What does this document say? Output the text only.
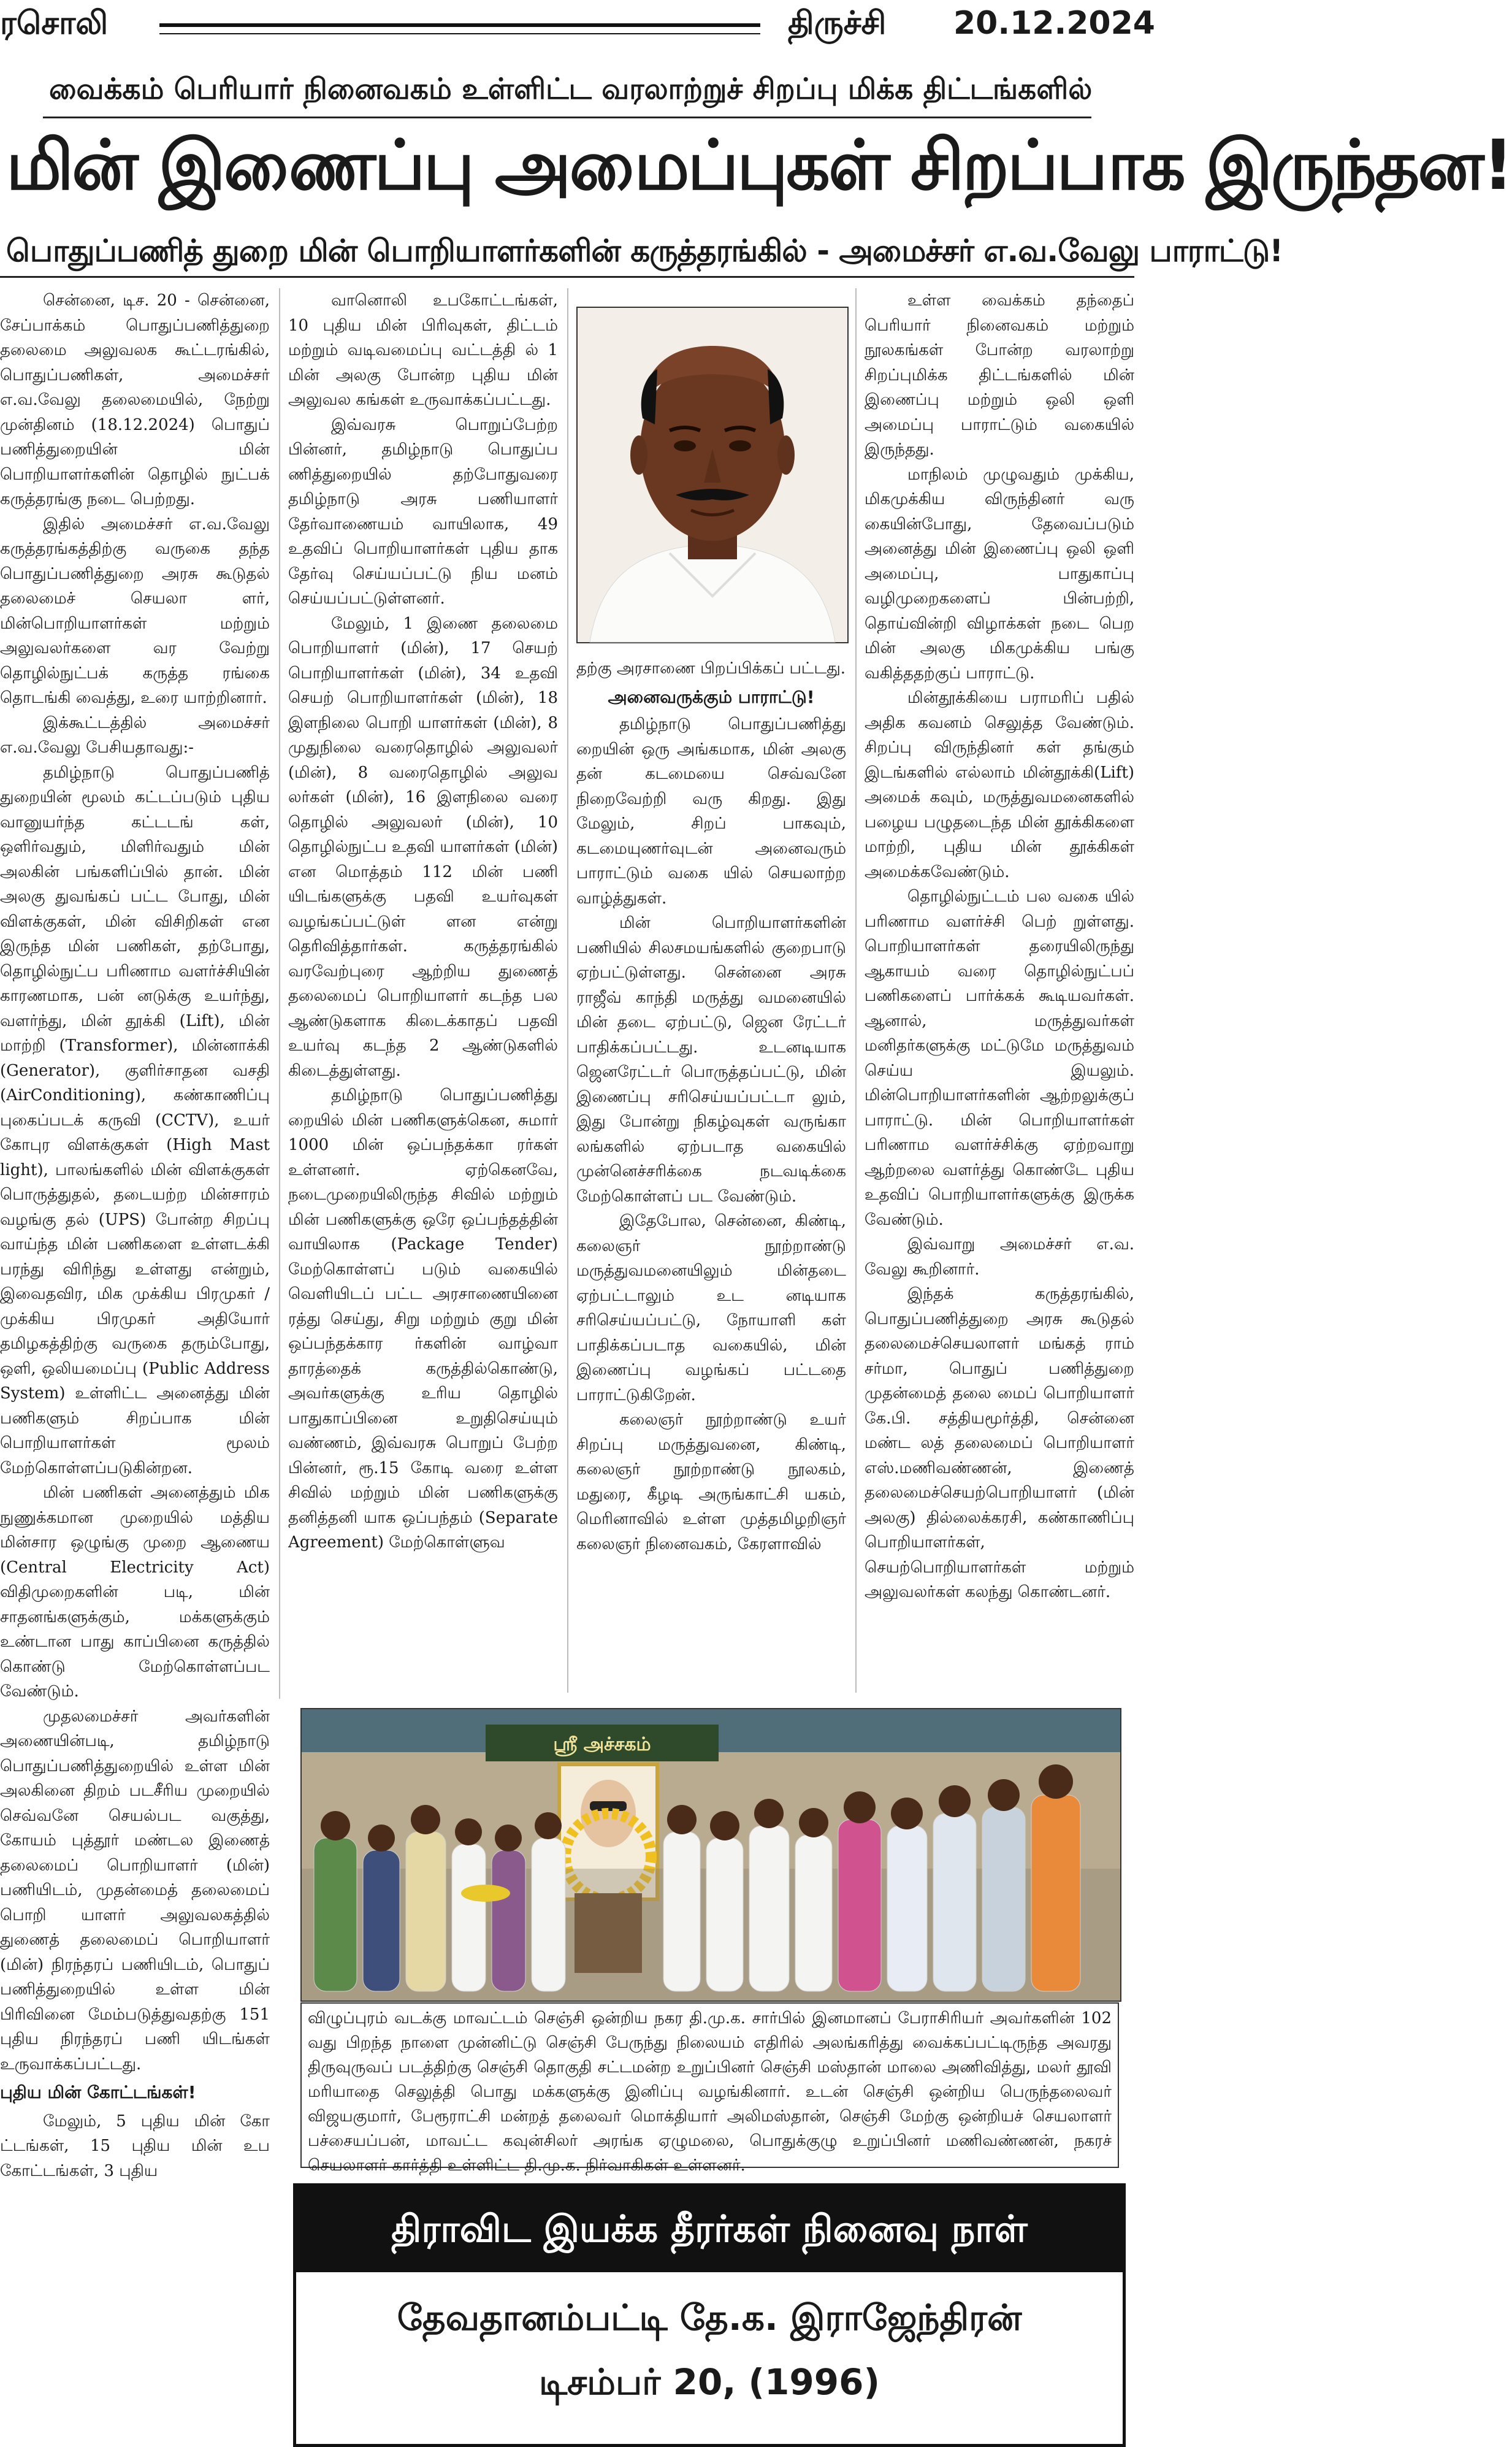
ரசொலி	திருச்சி 20.12.2024
வைக்கம் பெரியார் நினைவகம் உள்ளிட்ட வரலாற்றுச் சிறப்பு மிக்க திட்டங்களில்
மின் இணைப்பு அமைப்புகள் சிறப்பாக இருந்தன!
பொதுப்பணித் துறை மின் பொறியாளர்களின் கருத்தரங்கில் - அமைச்சர் எ.வ.வேலு பாராட்டு!

சென்னை, டிச. 20 - சென்னை, சேப்பாக்கம் பொதுப்பணித்துறை தலைமை அலுவலக கூட்டரங்கில், பொதுப்பணிகள், அமைச்சர் எ.வ.வேலு தலைமையில், நேற்று முன்தினம் (18.12.2024) பொதுப் பணித்துறையின் மின் பொறியாளர்களின் தொழில் நுட்பக் கருத்தரங்கு நடை பெற்றது.

இதில் அமைச்சர் எ.வ.வேலு கருத்தரங்கத்திற்கு வருகை தந்த பொதுப்பணித்துறை அரசு கூடுதல் தலைமைச் செயலா ளர், மின்பொறியாளர்கள் மற்றும் அலுவலர்களை வர வேற்று தொழில்நுட்பக் கருத்த ரங்கை தொடங்கி வைத்து, உரை யாற்றினார்.

இக்கூட்டத்தில் அமைச்சர் எ.வ.வேலு பேசியதாவது:-

தமிழ்நாடு பொதுப்பணித் துறையின் மூலம் கட்டப்படும் புதிய வானுயர்ந்த கட்டடங் கள், ஒளிர்வதும், மிளிர்வதும் மின் அலகின் பங்களிப்பில் தான். மின் அலகு துவங்கப் பட்ட போது, மின் விளக்குகள், மின் விசிறிகள் என இருந்த மின் பணிகள், தற்போது, தொழில்நுட்ப பரிணாம வளர்ச்சியின் காரணமாக, பன் னடுக்கு உயர்ந்து, வளர்ந்து, மின் தூக்கி (Lift), மின் மாற்றி (Transformer), மின்னாக்கி (Generator), குளிர்சாதன வசதி (AirConditioning), கண்காணிப்பு புகைப்படக் கருவி (CCTV), உயர் கோபுர விளக்குகள் (High Mast light), பாலங்களில் மின் விளக்குகள் பொருத்துதல், தடையற்ற மின்சாரம் வழங்கு தல் (UPS) போன்ற சிறப்பு வாய்ந்த மின் பணிகளை உள்ளடக்கி பரந்து விரிந்து உள்ளது என்றும், இவைதவிர, மிக முக்கிய பிரமுகர் / முக்கிய பிரமுகர் அதியோர் தமிழகத்திற்கு வருகை தரும்போது, ஒளி, ஒலியமைப்பு (Public Address System) உள்ளிட்ட அனைத்து மின் பணிகளும் சிறப்பாக மின் பொறியாளர்கள் மூலம் மேற்கொள்ளப்படுகின்றன.

மின் பணிகள் அனைத்தும் மிக நுணுக்கமான முறையில் மத்திய மின்சார ஒழுங்கு முறை ஆணைய (Central Electricity Act) விதிமுறைகளின் படி, மின் சாதனங்களுக்கும், மக்களுக்கும் உண்டான பாது காப்பினை கருத்தில் கொண்டு மேற்கொள்ளப்பட வேண்டும்.

முதலமைச்சர் அவர்களின் அணையின்படி, தமிழ்நாடு பொதுப்பணித்துறையில் உள்ள மின் அலகினை திறம் படசீரிய முறையில் செவ்வனே செயல்பட வகுத்து, கோயம் புத்தூர் மண்டல இணைத் தலைமைப் பொறியாளர் (மின்) பணியிடம், முதன்மைத் தலைமைப் பொறி யாளர் அலுவலகத்தில் துணைத் தலைமைப் பொறியாளர் (மின்) நிரந்தரப் பணியிடம், பொதுப் பணித்துறையில் உள்ள மின் பிரிவினை மேம்படுத்துவதற்கு 151 புதிய நிரந்தரப் பணி யிடங்கள் உருவாக்கப்பட்டது.

புதிய மின் கோட்டங்கள்!

மேலும், 5 புதிய மின் கோ ட்டங்கள், 15 புதிய மின் உப கோட்டங்கள், 3 புதிய

வானொலி உபகோட்டங்கள், 10 புதிய மின் பிரிவுகள், திட்டம் மற்றும் வடிவமைப்பு வட்டத்தி ல் 1 மின் அலகு போன்ற புதிய மின் அலுவல கங்கள் உருவாக்கப்பட்டது.

இவ்வரசு பொறுப்பேற்ற பின்னர், தமிழ்நாடு பொதுப்ப ணித்துறையில் தற்போதுவரை தமிழ்நாடு அரசு பணியாளர் தேர்வாணையம் வாயிலாக, 49 உதவிப் பொறியாளர்கள் புதிய தாக தேர்வு செய்யப்பட்டு நிய மனம் செய்யப்பட்டுள்ளனர்.

மேலும், 1 இணை தலைமை பொறியாளர் (மின்), 17 செயற் பொறியாளர்கள் (மின்), 34 உதவி செயற் பொறியாளர்கள் (மின்), 18 இளநிலை பொறி யாளர்கள் (மின்), 8 முதுநிலை வரைதொழில் அலுவலர் (மின்), 8 வரைதொழில் அலுவ லர்கள் (மின்), 16 இளநிலை வரை தொழில் அலுவலர் (மின்), 10 தொழில்நுட்ப உதவி யாளர்கள் (மின்) என மொத்தம் 112 மின் பணி யிடங்களுக்கு பதவி உயர்வுகள் வழங்கப்பட்டுள் ளன என்று தெரிவித்தார்கள். கருத்தரங்கில் வரவேற்புரை ஆற்றிய துணைத் தலைமைப் பொறியாளர் கடந்த பல ஆண்டுகளாக கிடைக்காதப் பதவி உயர்வு கடந்த 2 ஆண்டுகளில் கிடைத்துள்ளது.

தமிழ்நாடு பொதுப்பணித்து றையில் மின் பணிகளுக்கென, சுமார் 1000 மின் ஒப்பந்தக்கா ரர்கள் உள்ளனர். ஏற்கெனவே, நடைமுறையிலிருந்த சிவில் மற்றும் மின் பணிகளுக்கு ஒரே ஒப்பந்தத்தின் வாயிலாக (Package Tender) மேற்கொள்ளப் படும் வகையில் வெளியிடப் பட்ட அரசாணையினை ரத்து செய்து, சிறு மற்றும் குறு மின் ஒப்பந்தக்கார ர்களின் வாழ்வா தாரத்தைக் கருத்தில்கொண்டு, அவர்களுக்கு உரிய தொழில் பாதுகாப்பினை உறுதிசெய்யும் வண்ணம், இவ்வரசு பொறுப் பேற்ற பின்னர், ரூ.15 கோடி வரை உள்ள சிவில் மற்றும் மின் பணிகளுக்கு தனித்தனி யாக ஒப்பந்தம் (Separate Agreement) மேற்கொள்ளுவ

தற்கு அரசாணை பிறப்பிக்கப் பட்டது.

அனைவருக்கும் பாராட்டு!

தமிழ்நாடு பொதுப்பணித்து றையின் ஒரு அங்கமாக, மின் அலகு தன் கடமையை செவ்வனே நிறைவேற்றி வரு கிறது. இது மேலும், சிறப் பாகவும், கடமையுணர்வுடன் அனைவரும் பாராட்டும் வகை யில் செயலாற்ற வாழ்த்துகள்.

மின் பொறியாளர்களின் பணியில் சிலசமயங்களில் குறைபாடு ஏற்பட்டுள்ளது. சென்னை அரசு ராஜீவ் காந்தி மருத்து வமனையில் மின் தடை ஏற்பட்டு, ஜென ரேட்டர் பாதிக்கப்பட்டது. உடனடியாக ஜெனரேட்டர் பொருத்தப்பட்டு, மின் இணைப்பு சரிசெய்யப்பட்டா லும், இது போன்று நிகழ்வுகள் வருங்கா லங்களில் ஏற்படாத வகையில் முன்னெச்சரிக்கை நடவடிக்கை மேற்கொள்ளப் பட வேண்டும்.

இதேபோல, சென்னை, கிண்டி, கலைஞர் நூற்றாண்டு மருத்துவமனையிலும் மின்தடை ஏற்பட்டாலும் உட னடியாக சரிசெய்யப்பட்டு, நோயாளி கள் பாதிக்கப்படாத வகையில், மின் இணைப்பு வழங்கப் பட்டதை பாராட்டுகிறேன்.

கலைஞர் நூற்றாண்டு உயர் சிறப்பு மருத்துவனை, கிண்டி, கலைஞர் நூற்றாண்டு நூலகம், மதுரை, கீழடி அருங்காட்சி யகம், மெரினாவில் உள்ள முத்தமிழறிஞர் கலைஞர் நினைவகம், கேரளாவில்

உள்ள வைக்கம் தந்தைப் பெரியார் நினைவகம் மற்றும் நூலகங்கள் போன்ற வரலாற்று சிறப்புமிக்க திட்டங்களில் மின் இணைப்பு மற்றும் ஒலி ஒளி அமைப்பு பாராட்டும் வகையில் இருந்தது.

மாநிலம் முழுவதும் முக்கிய, மிகமுக்கிய விருந்தினர் வரு கையின்போது, தேவைப்படும் அனைத்து மின் இணைப்பு ஒலி ஒளி அமைப்பு, பாதுகாப்பு வழிமுறைகளைப் பின்பற்றி, தொய்வின்றி விழாக்கள் நடை பெற மின் அலகு மிகமுக்கிய பங்கு வகித்ததற்குப் பாராட்டு.

மின்தூக்கியை பராமரிப் பதில் அதிக கவனம் செலுத்த வேண்டும். சிறப்பு விருந்தினர் கள் தங்கும் இடங்களில் எல்லாம் மின்தூக்கி(Lift) அமைக் கவும், மருத்துவமனைகளில் பழைய பழுதடைந்த மின் தூக்கிகளை மாற்றி, புதிய மின் தூக்கிகள் அமைக்கவேண்டும்.

தொழில்நுட்டம் பல வகை யில் பரிணாம வளர்ச்சி பெற் றுள்ளது. பொறியாளர்கள் தரையிலிருந்து ஆகாயம் வரை தொழில்நுட்பப் பணிகளைப் பார்க்கக் கூடியவர்கள். ஆனால், மருத்துவர்கள் மனிதர்களுக்கு மட்டுமே மருத்துவம் செய்ய இயலும். மின்பொறியாளர்களின் ஆற்றலுக்குப் பாராட்டு. மின் பொறியாளர்கள் பரிணாம வளர்ச்சிக்கு ஏற்றவாறு ஆற்றலை வளர்த்து கொண்டே புதிய உதவிப் பொறியாளர்களுக்கு இருக்க வேண்டும்.

இவ்வாறு அமைச்சர் எ.வ. வேலு கூறினார்.

இந்தக் கருத்தரங்கில், பொதுப்பணித்துறை அரசு கூடுதல் தலைமைச்செயலாளர் மங்கத் ராம் சர்மா, பொதுப் பணித்துறை முதன்மைத் தலை மைப் பொறியாளர் கே.பி. சத்தியமூர்த்தி, சென்னை மண்ட லத் தலைமைப் பொறியாளர் எஸ்.மணிவண்ணன், இணைத் தலைமைச்செயற்பொறியாளர் (மின் அலகு) தில்லைக்கரசி, கண்காணிப்பு பொறியாளர்கள், செயற்பொறியாளர்கள் மற்றும் அலுவலர்கள் கலந்து கொண்டனர்.

ஸ்ரீ அச்சகம்
விழுப்புரம் வடக்கு மாவட்டம் செஞ்சி ஒன்றிய நகர தி.மு.க. சார்பில் இனமானப் பேராசிரியர் அவர்களின் 102 வது பிறந்த நாளை முன்னிட்டு செஞ்சி பேருந்து நிலையம் எதிரில் அலங்கரித்து வைக்கப்பட்டிருந்த அவரது திருவுருவப் படத்திற்கு செஞ்சி தொகுதி சட்டமன்ற உறுப்பினர் செஞ்சி மஸ்தான் மாலை அணிவித்து, மலர் தூவி மரியாதை செலுத்தி பொது மக்களுக்கு இனிப்பு வழங்கினார். உடன் செஞ்சி ஒன்றிய பெருந்தலைவர் விஜயகுமார், பேரூராட்சி மன்றத் தலைவர் மொக்தியார் அலிமஸ்தான், செஞ்சி மேற்கு ஒன்றியச் செயலாளர் பச்சையப்பன், மாவட்ட கவுன்சிலர் அரங்க ஏழுமலை, பொதுக்குழு உறுப்பினர் மணிவண்ணன், நகரச் செயலாளர் கார்த்தி உள்ளிட்ட தி.மு.க. நிர்வாகிகள் உள்ளனர்.
திராவிட இயக்க தீரர்கள் நினைவு நாள்
தேவதானம்பட்டி தே.க. இராஜேந்திரன்
டிசம்பர் 20, (1996)
